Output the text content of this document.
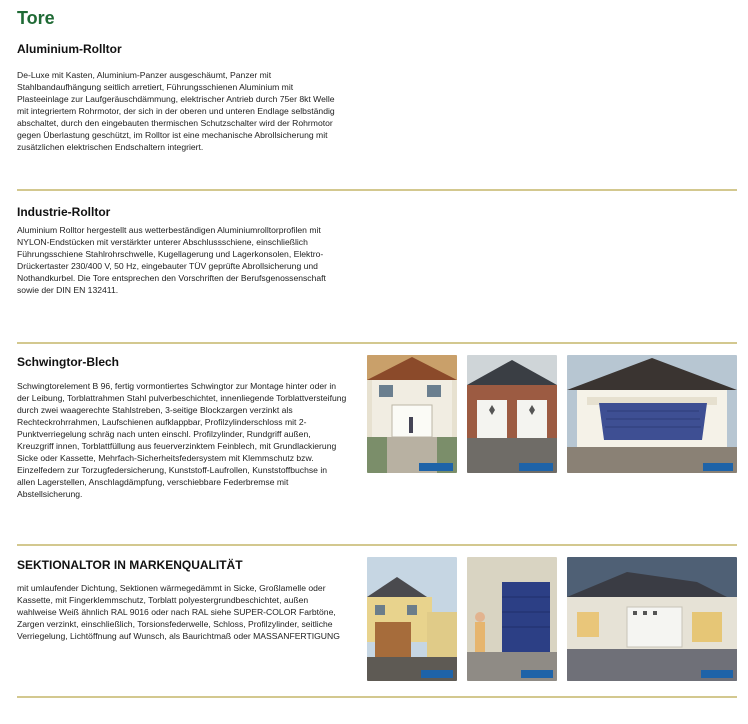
Tore
Aluminium-Rolltor
De-Luxe mit Kasten, Aluminium-Panzer ausgeschäumt, Panzer mit Stahlbandaufhängung seitlich arretiert, Führungsschienen Aluminium mit Plasteeinlage zur Laufgeräuschdämmung, elektrischer Antrieb durch 75er 8kt Welle mit integriertem Rohrmotor, der sich in der oberen und unteren Endlage selbständig abschaltet, durch den eingebauten thermischen Schutzschalter wird der Rohrmotor gegen Überlastung geschützt, im Rolltor ist eine mechanische Abrollsicherung mit zusätzlichen elektrischen Endschaltern integriert.
Industrie-Rolltor
Aluminium Rolltor hergestellt aus wetterbeständigen Aluminiumrolltorprofilen mit NYLON-Endstücken mit verstärkter unterer Abschlussschiene, einschließlich Führungsschiene Stahlrohrschwelle, Kugellagerung und Lagerkonsolen, Elektro-Drückertaster 230/400 V, 50 Hz, eingebauter TÜV geprüfte Abrollsicherung und Nothandkurbel. Die Tore entsprechen den Vorschriften der Berufsgenossenschaft sowie der DIN EN 132411.
Schwingtor-Blech
Schwingtorelement B 96, fertig vormontiertes Schwingtor zur Montage hinter oder in der Leibung, Torblattrahmen Stahl pulverbeschichtet, innenliegende Torblattversteifung durch zwei waagerechte Stahlstreben, 3-seitige Blockzargen verzinkt als Rechteckrohrrahmen, Laufschienen aufklappbar, Profilzylinderschloss mit 2-Punktverriegelung schräg nach unten einschl. Profilzylinder, Rundgriff außen, Kreuzgriff innen, Torblattfüllung aus feuerverzinktem Feinblech, mit Grundlackierung Sicke oder Kassette, Mehrfach-Sicherheitsfedersystem mit Klemmschutz bzw. Einzelfedern zur Torzugfedersicherung, Kunststoff-Laufrollen, Kunststoffbuchse in allen Lagerstellen, Anschlagdämpfung, verschiebbare Federbremse mit Abstellsicherung.
SEKTIONALTOR IN MARKENQUALITÄT
mit umlaufender Dichtung, Sektionen wärmegedämmt in Sicke, Großlamelle oder Kassette, mit Fingerklemmschutz, Torblatt polyestergrundbeschichtet, außen wahlweise Weiß ähnlich RAL 9016 oder nach RAL siehe SUPER-COLOR Farbtöne, Zargen verzinkt, einschließlich, Torsionsfederwelle, Schloss, Profilzylinder, seitliche Verriegelung, Lichtöffnung auf Wunsch, als Baurichtmaß oder MASSANFERTIGUNG
